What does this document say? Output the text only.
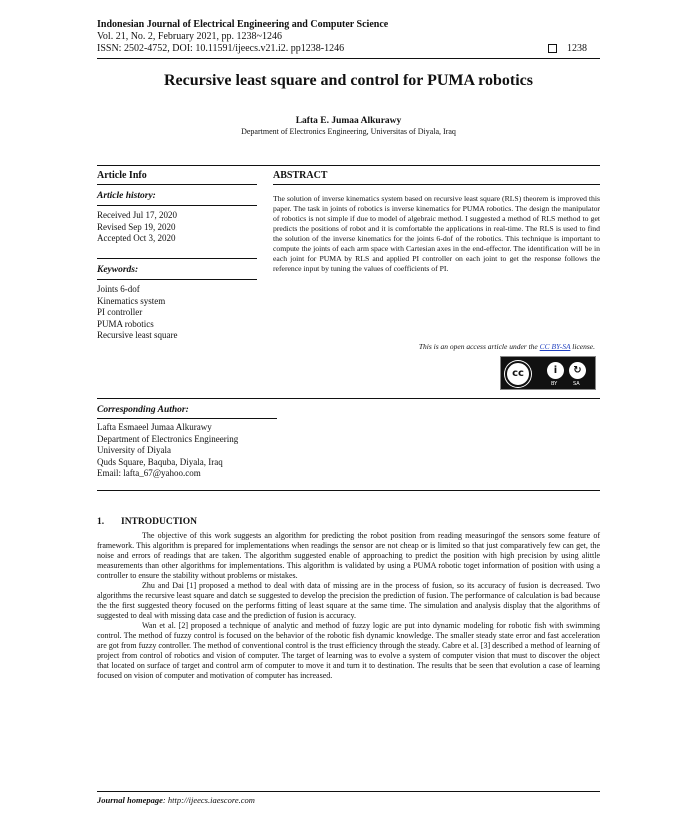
Indonesian Journal of Electrical Engineering and Computer Science
Vol. 21, No. 2, February 2021, pp. 1238~1246
ISSN: 2502-4752, DOI: 10.11591/ijeecs.v21.i2. pp1238-1246	1238
Recursive least square and control for PUMA robotics
Lafta E. Jumaa Alkurawy
Department of Electronics Engineering, Universitas of Diyala, Iraq
Article Info	ABSTRACT
Article history:
Received Jul 17, 2020
Revised Sep 19, 2020
Accepted Oct 3, 2020
Keywords:
Joints 6-dof
Kinematics system
PI controller
PUMA robotics
Recursive least square
The solution of inverse kinematics system based on recursive least square (RLS) theorem is improved this paper. The task in joints of robotics is inverse kinematics for PUMA robotics. The design the manipulator of robotics is not simple if due to model of algebraic method. I suggested a method of RLS method to get predicts the positions of robot and it is comfortable the applications in real-time. The RLS is used to find the solution of the inverse kinematics for the joints 6-dof of the robotics. This technique is important to compute the joints of each arm space with Cartesian axes in the end-effector. The identification will be in each joint for PUMA by RLS and applied PI controller on each joint to get the response follows the reference input by tuning the values of coefficients of PI.
This is an open access article under the CC BY-SA license.
cc	i	↻
BY	SA
Corresponding Author:
Lafta Esmaeel Jumaa Alkurawy
Department of Electronics Engineering
University of Diyala
Quds Square, Baquba, Diyala, Iraq
Email: lafta_67@yahoo.com
1. INTRODUCTION

The objective of this work suggests an algorithm for predicting the robot position from reading measuringof the sensors some feature of framework. This algorithm is prepared for implementations when readings the sensor are not cheap or is limited so that just comparatively few can get, the noise and errors of readings that are taken. The algorithm suggested enable of approaching to predict the position with high precision by using alittle measurements than other algorithms for implementations. This algorithm is validated by using a PUMA robotic toget information of position with using a controller to ensure the stability without problems or mistakes.

Zhu and Dai [1] proposed a method to deal with data of missing are in the process of fusion, so its accuracy of fusion is decreased. Two algorithms the recursive least square and datch se suggested to develop the precision the prediction of fusion. The performance of calculation is bad because the the first suggested theory focused on the performs fitting of least square at the same time. The simulation and analysis display that the algorithms of suggested to deal with missing data case and the prediction of fusion is accuracy.

Wan et al. [2] proposed a technique of analytic and method of fuzzy logic are put into dynamic modeling for robotic fish with swimming control. The method of fuzzy control is focused on the behavior of the robotic fish dynamic knowledge. The smaller steady state error and fast acceleration are got from fuzzy controller. The method of conventional control is the trust efficiency through the steady. Cabre et al. [3] described a method of learning of project from control of robotics and vision of computer. The target of learning was to evolve a system of computer vision that must to discover the object that located on surface of target and control arm of computer to move it and turn it to destination. The results that be seen that evolution a case of learning focused on vision of computer and motivation of computer has increased.

Journal homepage: http://ijeecs.iaescore.com
